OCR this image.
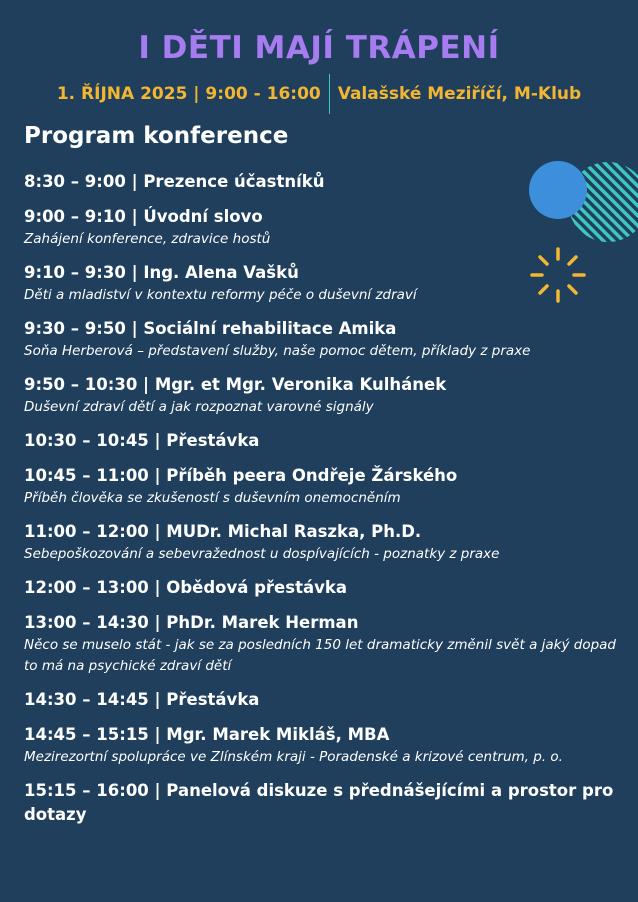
I DĚTI MAJÍ TRÁPENÍ
1. ŘÍJNA 2025 | 9:00 - 16:00 Valašské Meziříčí, M-Klub
Program konference
8:30 – 9:00 | Prezence účastníků
9:00 – 9:10 | Úvodní slovo
Zahájení konference, zdravice hostů
9:10 – 9:30 | Ing. Alena Vašků
Děti a mladiství v kontextu reformy péče o duševní zdraví
9:30 – 9:50 | Sociální rehabilitace Amika
Soňa Herberová – představení služby, naše pomoc dětem, příklady z praxe
9:50 – 10:30 | Mgr. et Mgr. Veronika Kulhánek
Duševní zdraví dětí a jak rozpoznat varovné signály
10:30 – 10:45 | Přestávka
10:45 – 11:00 | Příběh peera Ondřeje Žárského
Příběh člověka se zkušeností s duševním onemocněním
11:00 – 12:00 | MUDr. Michal Raszka, Ph.D.
Sebepoškozování a sebevražednost u dospívajících - poznatky z praxe
12:00 – 13:00 | Obědová přestávka
13:00 – 14:30 | PhDr. Marek Herman
Něco se muselo stát - jak se za posledních 150 let dramaticky změnil svět a jaký dopad to má na psychické zdraví dětí
14:30 – 14:45 | Přestávka
14:45 – 15:15 | Mgr. Marek Mikláš, MBA
Mezirezortní spolupráce ve Zlínském kraji - Poradenské a krizové centrum, p. o.
15:15 – 16:00 | Panelová diskuze s přednášejícími a prostor pro dotazy
